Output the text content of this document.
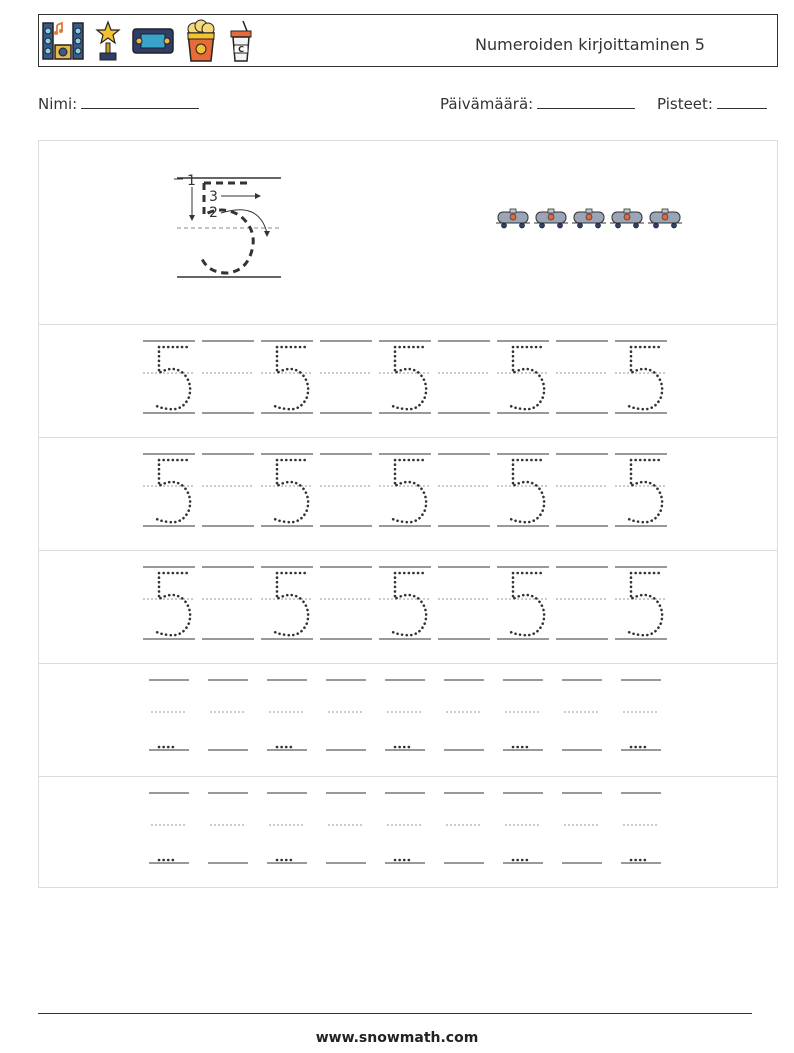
C	Numeroiden kirjoittaminen 5
Nimi:	Päivämäärä:	Pisteet:
1
3
2
www.snowmath.com
